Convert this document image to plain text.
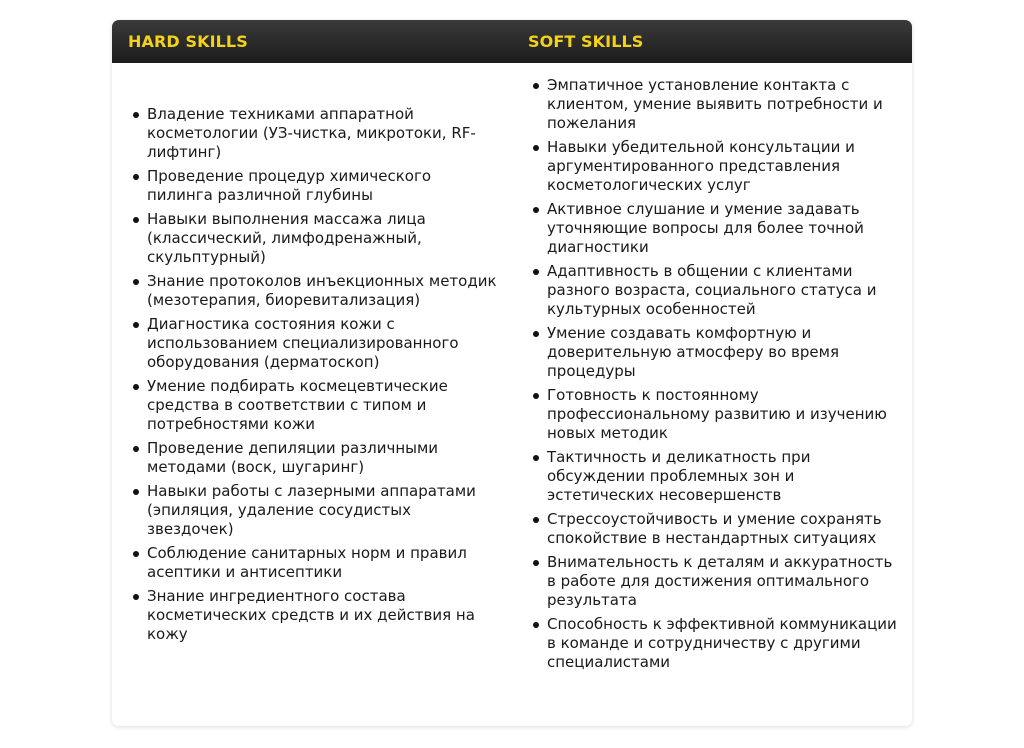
HARD SKILLS	SOFT SKILLS
Владение техниками аппаратной косметологии (УЗ-чистка, микротоки, RF-лифтинг)
Проведение процедур химического пилинга различной глубины
Навыки выполнения массажа лица (классический, лимфодренажный, скульптурный)
Знание протоколов инъекционных методик (мезотерапия, биоревитализация)
Диагностика состояния кожи с использованием специализированного оборудования (дерматоскоп)
Умение подбирать космецевтические средства в соответствии с типом и потребностями кожи
Проведение депиляции различными методами (воск, шугаринг)
Навыки работы с лазерными аппаратами (эпиляция, удаление сосудистых звездочек)
Соблюдение санитарных норм и правил асептики и антисептики
Знание ингредиентного состава косметических средств и их действия на кожу
Эмпатичное установление контакта с клиентом, умение выявить потребности и пожелания
Навыки убедительной консультации и аргументированного представления косметологических услуг
Активное слушание и умение задавать уточняющие вопросы для более точной диагностики
Адаптивность в общении с клиентами разного возраста, социального статуса и культурных особенностей
Умение создавать комфортную и доверительную атмосферу во время процедуры
Готовность к постоянному профессиональному развитию и изучению новых методик
Тактичность и деликатность при обсуждении проблемных зон и эстетических несовершенств
Стрессоустойчивость и умение сохранять спокойствие в нестандартных ситуациях
Внимательность к деталям и аккуратность в работе для достижения оптимального результата
Способность к эффективной коммуникации в команде и сотрудничеству с другими специалистами
